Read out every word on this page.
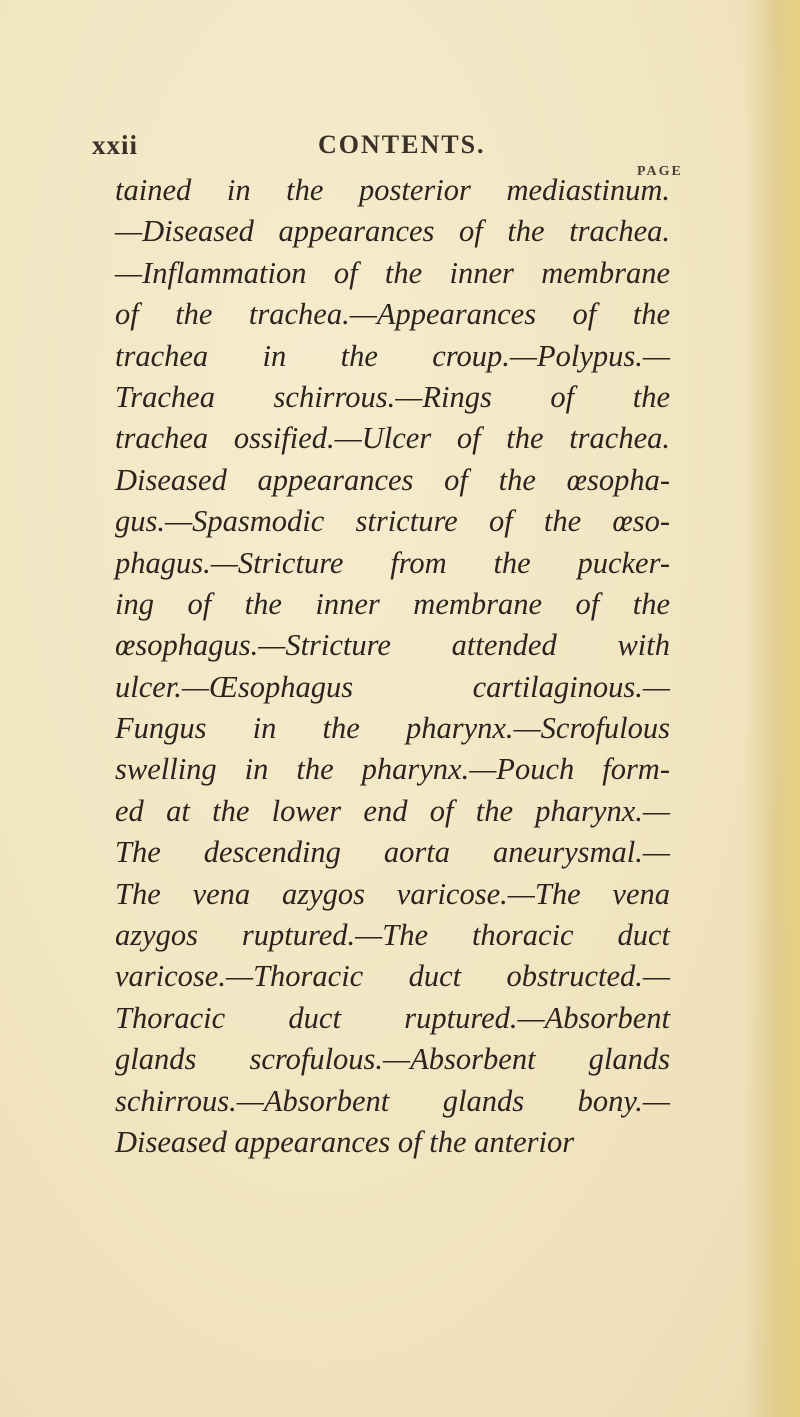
xxii	CONTENTS.
PAGE
tained in the posterior mediastinum.
—Diseased appearances of the trachea.
—Inflammation of the inner membrane
of the trachea.—Appearances of the
trachea in the croup.—Polypus.—
Trachea schirrous.—Rings of the
trachea ossified.—Ulcer of the trachea.
Diseased appearances of the œsopha-
gus.—Spasmodic stricture of the œso-
phagus.—Stricture from the pucker-
ing of the inner membrane of the
œsophagus.—Stricture attended with
ulcer.—Œsophagus cartilaginous.—
Fungus in the pharynx.—Scrofulous
swelling in the pharynx.—Pouch form-
ed at the lower end of the pharynx.—
The descending aorta aneurysmal.—
The vena azygos varicose.—The vena
azygos ruptured.—The thoracic duct
varicose.—Thoracic duct obstructed.—
Thoracic duct ruptured.—Absorbent
glands scrofulous.—Absorbent glands
schirrous.—Absorbent glands bony.—
Diseased appearances of the anterior
